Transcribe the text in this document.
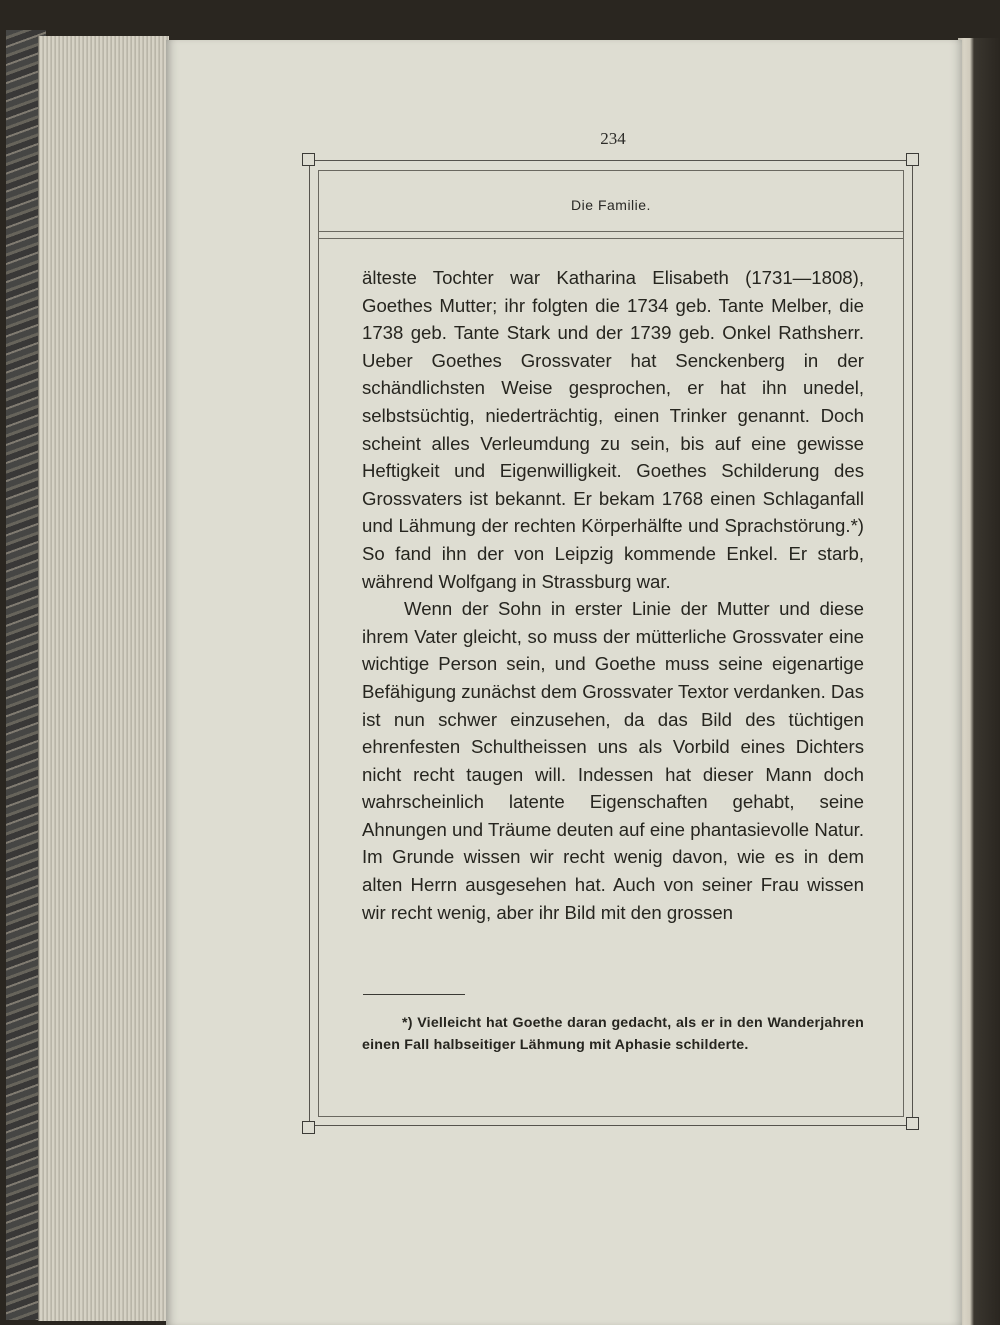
234
Die Familie.

älteste Tochter war Katharina Elisabeth (1731—1808), Goethes Mutter; ihr folgten die 1734 geb. Tante Melber, die 1738 geb. Tante Stark und der 1739 geb. Onkel Rathsherr. Ueber Goethes Grossvater hat Senckenberg in der schändlichsten Weise gesprochen, er hat ihn unedel, selbstsüchtig, niederträchtig, einen Trinker genannt. Doch scheint alles Verleumdung zu sein, bis auf eine gewisse Heftigkeit und Eigenwilligkeit. Goethes Schilderung des Grossvaters ist bekannt. Er bekam 1768 einen Schlaganfall und Lähmung der rechten Körperhälfte und Sprachstörung.*) So fand ihn der von Leipzig kommende Enkel. Er starb, während Wolfgang in Strassburg war.

Wenn der Sohn in erster Linie der Mutter und diese ihrem Vater gleicht, so muss der mütterliche Grossvater eine wichtige Person sein, und Goethe muss seine eigenartige Befähigung zunächst dem Grossvater Textor verdanken. Das ist nun schwer einzusehen, da das Bild des tüchtigen ehrenfesten Schultheissen uns als Vorbild eines Dichters nicht recht taugen will. Indessen hat dieser Mann doch wahrscheinlich latente Eigenschaften gehabt, seine Ahnungen und Träume deuten auf eine phantasievolle Natur. Im Grunde wissen wir recht wenig davon, wie es in dem alten Herrn ausgesehen hat. Auch von seiner Frau wissen wir recht wenig, aber ihr Bild mit den grossen

*) Vielleicht hat Goethe daran gedacht, als er in den Wanderjahren einen Fall halbseitiger Lähmung mit Aphasie schilderte.
